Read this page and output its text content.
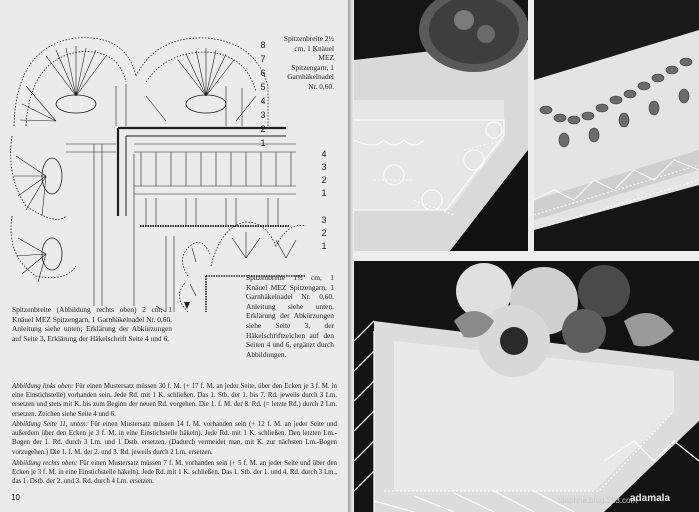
8
7
6
5
4
3
2
1
4
3
2
1
3
2
1
Spitzenbreite 2½ cm, 1 Knäuel MEZ Spitzengarn, 1 Garnhäkelnadel Nr. 0,60.
Spitzenbreite 1½ cm, 1 Knäuel MEZ Spitzengarn, 1 Garnhäkelnadel Nr. 0,60. Anleitung siehe unten. Erklärung der Abkürzungen siehe Seite 3, der Häkelschriftzeichen auf den Seiten 4 und 6, ergänzt durch Abbildungen.
Spitzenbreite (Abbildung rechts oben) 2 cm; 1 Knäuel MEZ Spitzengarn, 1 Garnhäkelnadel Nr. 0,60. Anleitung siehe unten; Erklärung der Abkürzungen auf Seite 3, Erklärung der Häkelschrift Seite 4 und 6.
Abbildung links oben: Für einen Mustersatz müssen 30 f. M. (+ 17 f. M. an jeder Seite, über den Ecken je 3 f. M. in eine Einstichstelle) vorhanden sein. Jede Rd. mit 1 K. schließen. Das 1. Stb. der 1. bis 7. Rd. jeweils durch 3 Lm. ersetzen und stets mit K. bis zum Beginn der neuen Rd. vorgehen. Die 1. f. M. der 8. Rd. (= letzte Rd.) durch 2 Lm. ersetzen. Zeichen siehe Seite 4 und 6.
Abbildung Seite 11, unten: Für einen Mustersatz müssen 14 f. M. vorhanden sein (+ 12 f. M. an jeder Seite und außerdem über den Ecken je 3 f. M. in eine Einstichstelle häkeln). Jede Rd. mit 1 K. schließen. Den letzten Lm.-Bogen der 1. Rd. durch 3 Lm. und 1 Dstb. ersetzen. (Dadurch vermeidet man, mit K. zur nächsten Lm.-Bogen vorzugehen.) Die 1. f. M. der 2. und 3. Rd. jeweils durch 2 Lm. ersetzen.
Abbildung rechts oben: Für einen Mustersatz müssen 7 f. M. vorhanden sein (+ 5 f. M. an jeder Seite und über den Ecken je 3 f. M. in eine Einstichstelle häkeln). Jede Rd. mit 1 K. schließen. Das 1. Stb. der 1. und 4. Rd. durch 3 Lm., das 1. Dstb. der 2. und 3. Rd. durch 4 Lm. ersetzen.
10	tdaphne.blog.163.com
adamala
